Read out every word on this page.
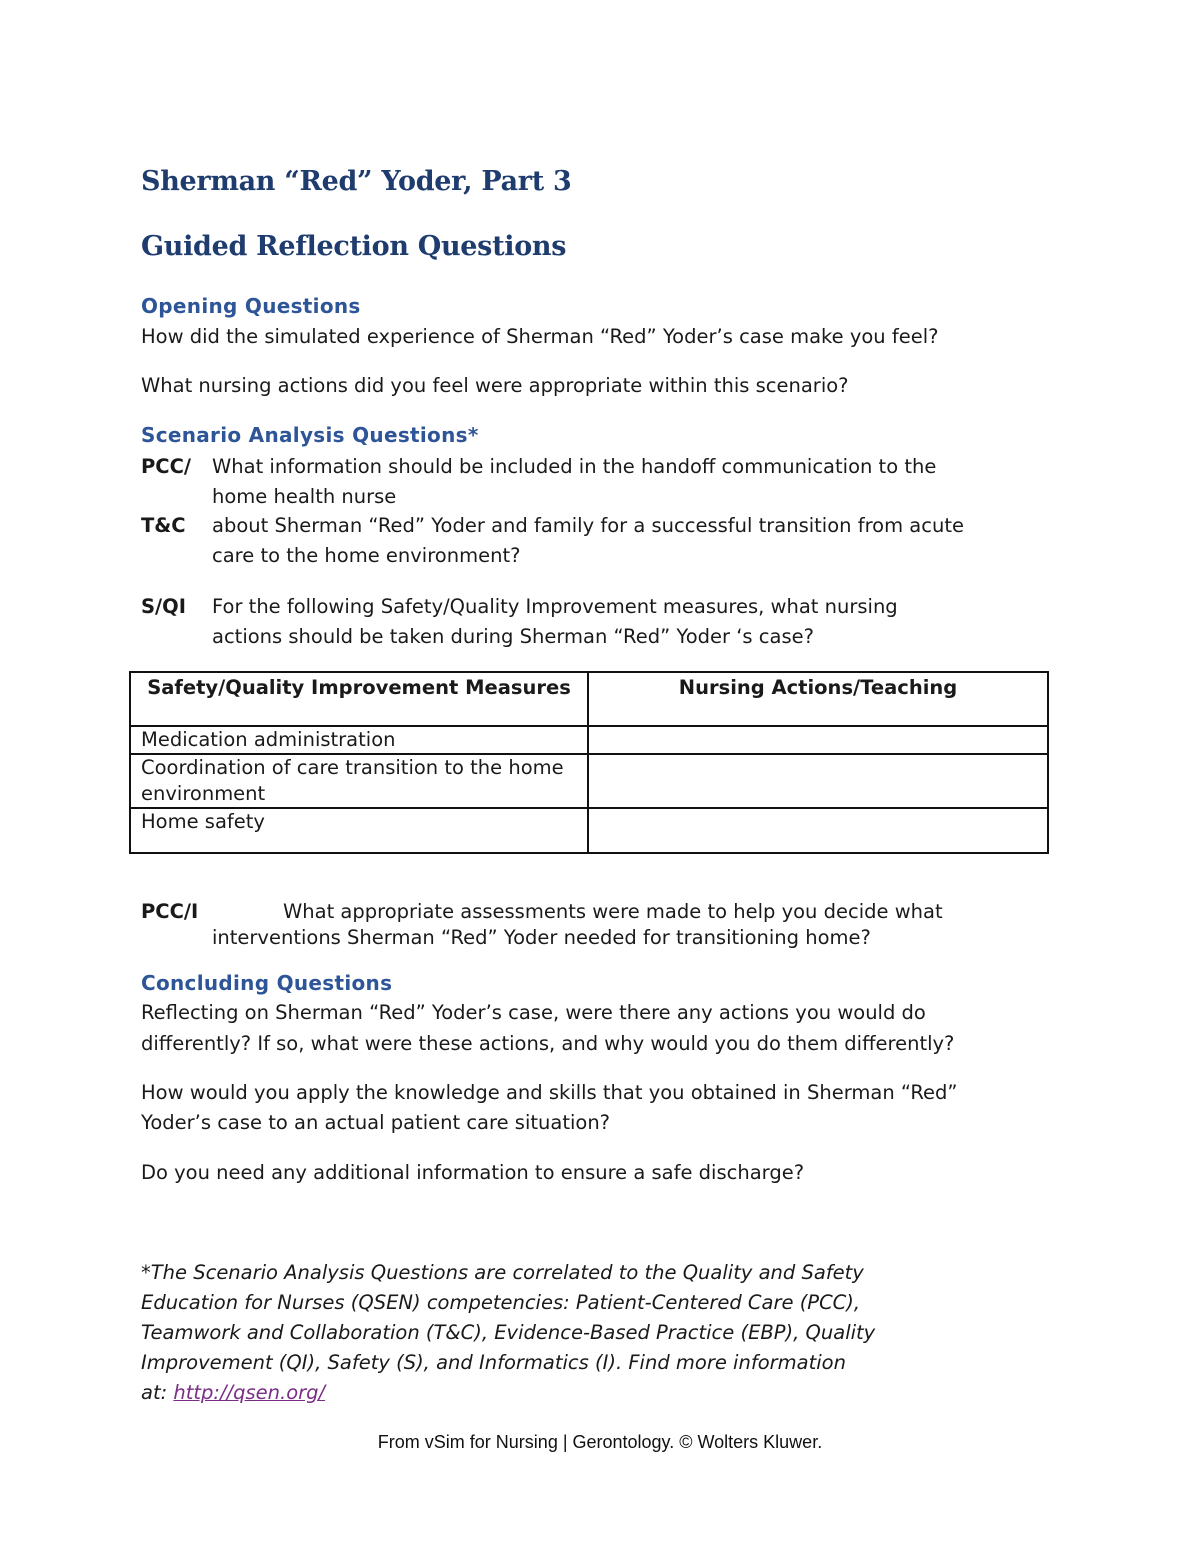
Sherman “Red” Yoder, Part 3
Guided Reflection Questions
Opening Questions

How did the simulated experience of Sherman “Red” Yoder’s case make you feel?

What nursing actions did you feel were appropriate within this scenario?

Scenario Analysis Questions*

PCC/ What information should be included in the handoff communication to the

home health nurse

T&C about Sherman “Red” Yoder and family for a successful transition from acute

care to the home environment?

S/QI For the following Safety/Quality Improvement measures, what nursing

actions should be taken during Sherman “Red” Yoder ‘s case?

PCC/I	What appropriate assessments were made to help you decide what

interventions Sherman “Red” Yoder needed for transitioning home?

Concluding Questions

Reflecting on Sherman “Red” Yoder’s case, were there any actions you would do

differently? If so, what were these actions, and why would you do them differently?

How would you apply the knowledge and skills that you obtained in Sherman “Red”

Yoder’s case to an actual patient care situation?

Do you need any additional information to ensure a safe discharge?

*The Scenario Analysis Questions are correlated to the Quality and Safety

Education for Nurses (QSEN) competencies: Patient-Centered Care (PCC),

Teamwork and Collaboration (T&C), Evidence-Based Practice (EBP), Quality

Improvement (QI), Safety (S), and Informatics (I). Find more information

at: http://qsen.org/

Safety/Quality Improvement Measures	Nursing Actions/Teaching
Medication administration	
Coordination of care transition to the home environment	
Home safety	

From vSim for Nursing | Gerontology. © Wolters Kluwer.
